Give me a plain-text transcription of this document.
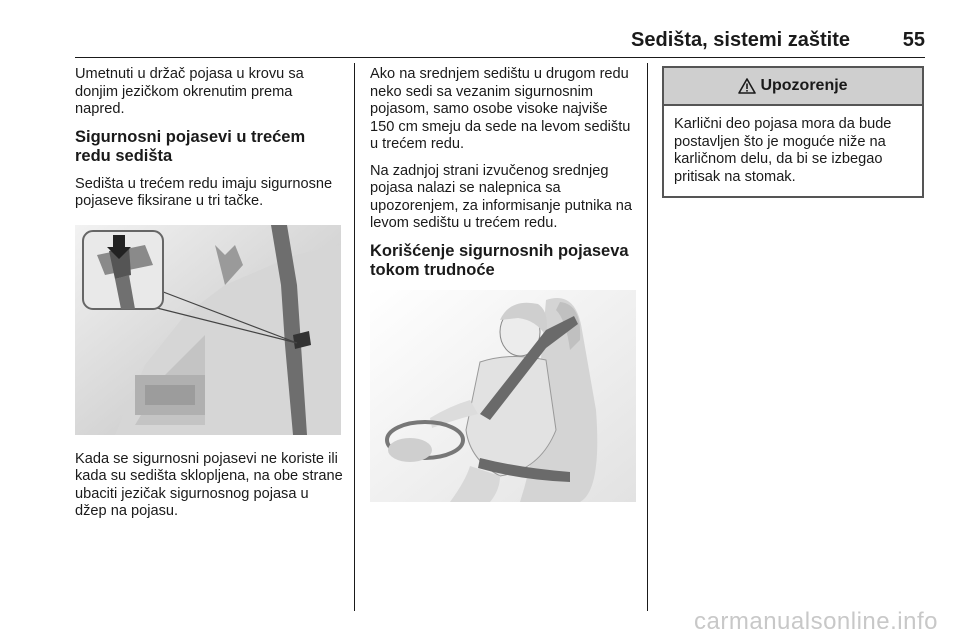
Sedišta, sistemi zaštite	55

Umetnuti u držač pojasa u krovu sa donjim jezičkom okrenutim prema napred.

Sigurnosni pojasevi u trećem redu sedišta

Sedišta u trećem redu imaju sigurnosne pojaseve fiksirane u tri tačke.

Kada se sigurnosni pojasevi ne koriste ili kada su sedišta sklopljena, na obe strane ubaciti jezičak sigurnosnog pojasa u džep na pojasu.

Ako na srednjem sedištu u drugom redu neko sedi sa vezanim sigurnosnim pojasom, samo osobe visoke najviše 150 cm smeju da sede na levom sedištu u trećem redu.

Na zadnjoj strani izvučenog srednjeg pojasa nalazi se nalepnica sa upozorenjem, za informisanje putnika na levom sedištu u trećem redu.

Korišćenje sigurnosnih pojaseva tokom trudnoće
Upozorenje
Karlični deo pojasa mora da bude postavljen što je moguće niže na karličnom delu, da bi se izbegao pritisak na stomak.
carmanualsonline.info
